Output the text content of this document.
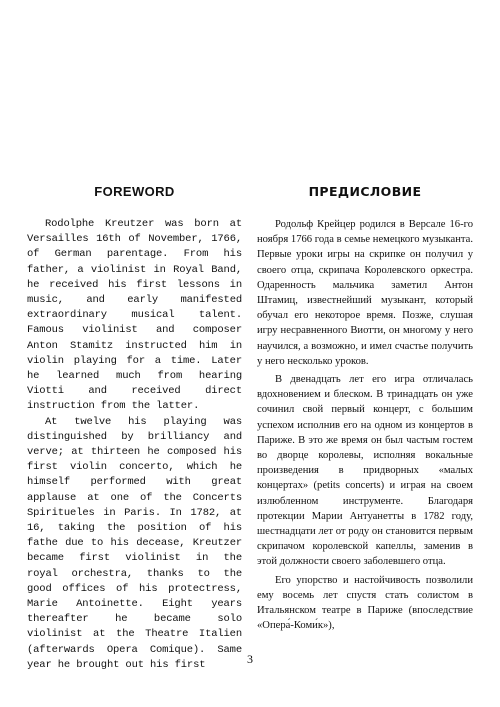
FOREWORD

Rodolphe Kreutzer was born at Versailles 16th of November, 1766, of German parentage. From his father, a violinist in Royal Band, he received his first lessons in music, and early manifested extraordinary musical talent. Famous violinist and composer Anton Stamitz instructed him in violin playing for a time. Later he learned much from hearing Viotti and received direct instruction from the latter.

At twelve his playing was distinguished by brilliancy and verve; at thirteen he composed his first violin concerto, which he himself performed with great applause at one of the Concerts Spirituеles in Paris. In 1782, at 16, taking the position of his fathe due to his decease, Kreutzer became first violinist in the royal orchestra, thanks to the good offices of his protectress, Marie Antoinette. Eight years thereafter he became solo violinist at the Theatre Italien (afterwards Opera Comique). Same year he brought out his first

ПРЕДИСЛОВИЕ

Родольф Крейцер родился в Версале 16-го ноября 1766 года в семье немецкого музыканта. Первые уроки игры на скрипке он получил у своего отца, скрипача Королевского оркестра. Одаренность мальчика заметил Антон Штамиц, известнейший музыкант, который обучал его некоторое время. Позже, слушая игру несравненного Виотти, он многому у него научился, а возможно, и имел счастье получить у него несколько уроков.

В двенадцать лет его игра отличалась вдохновением и блеском. В тринадцать он уже сочинил свой первый концерт, с большим успехом исполнив его на одном из концертов в Париже. В это же время он был частым гостем во дворце королевы, исполняя вокальные произведения в придворных «малых концертах» (petits concerts) и играя на своем излюбленном инструменте. Благодаря протекции Марии Антуанетты в 1782 году, шестнадцати лет от роду он становится первым скрипачом королевской капеллы, заменив в этой должности своего заболевшего отца.

Его упорство и настойчивость позволили ему восемь лет спустя стать солистом в Итальянском театре в Париже (впоследствие «Опера́-Коми́к»),

3
